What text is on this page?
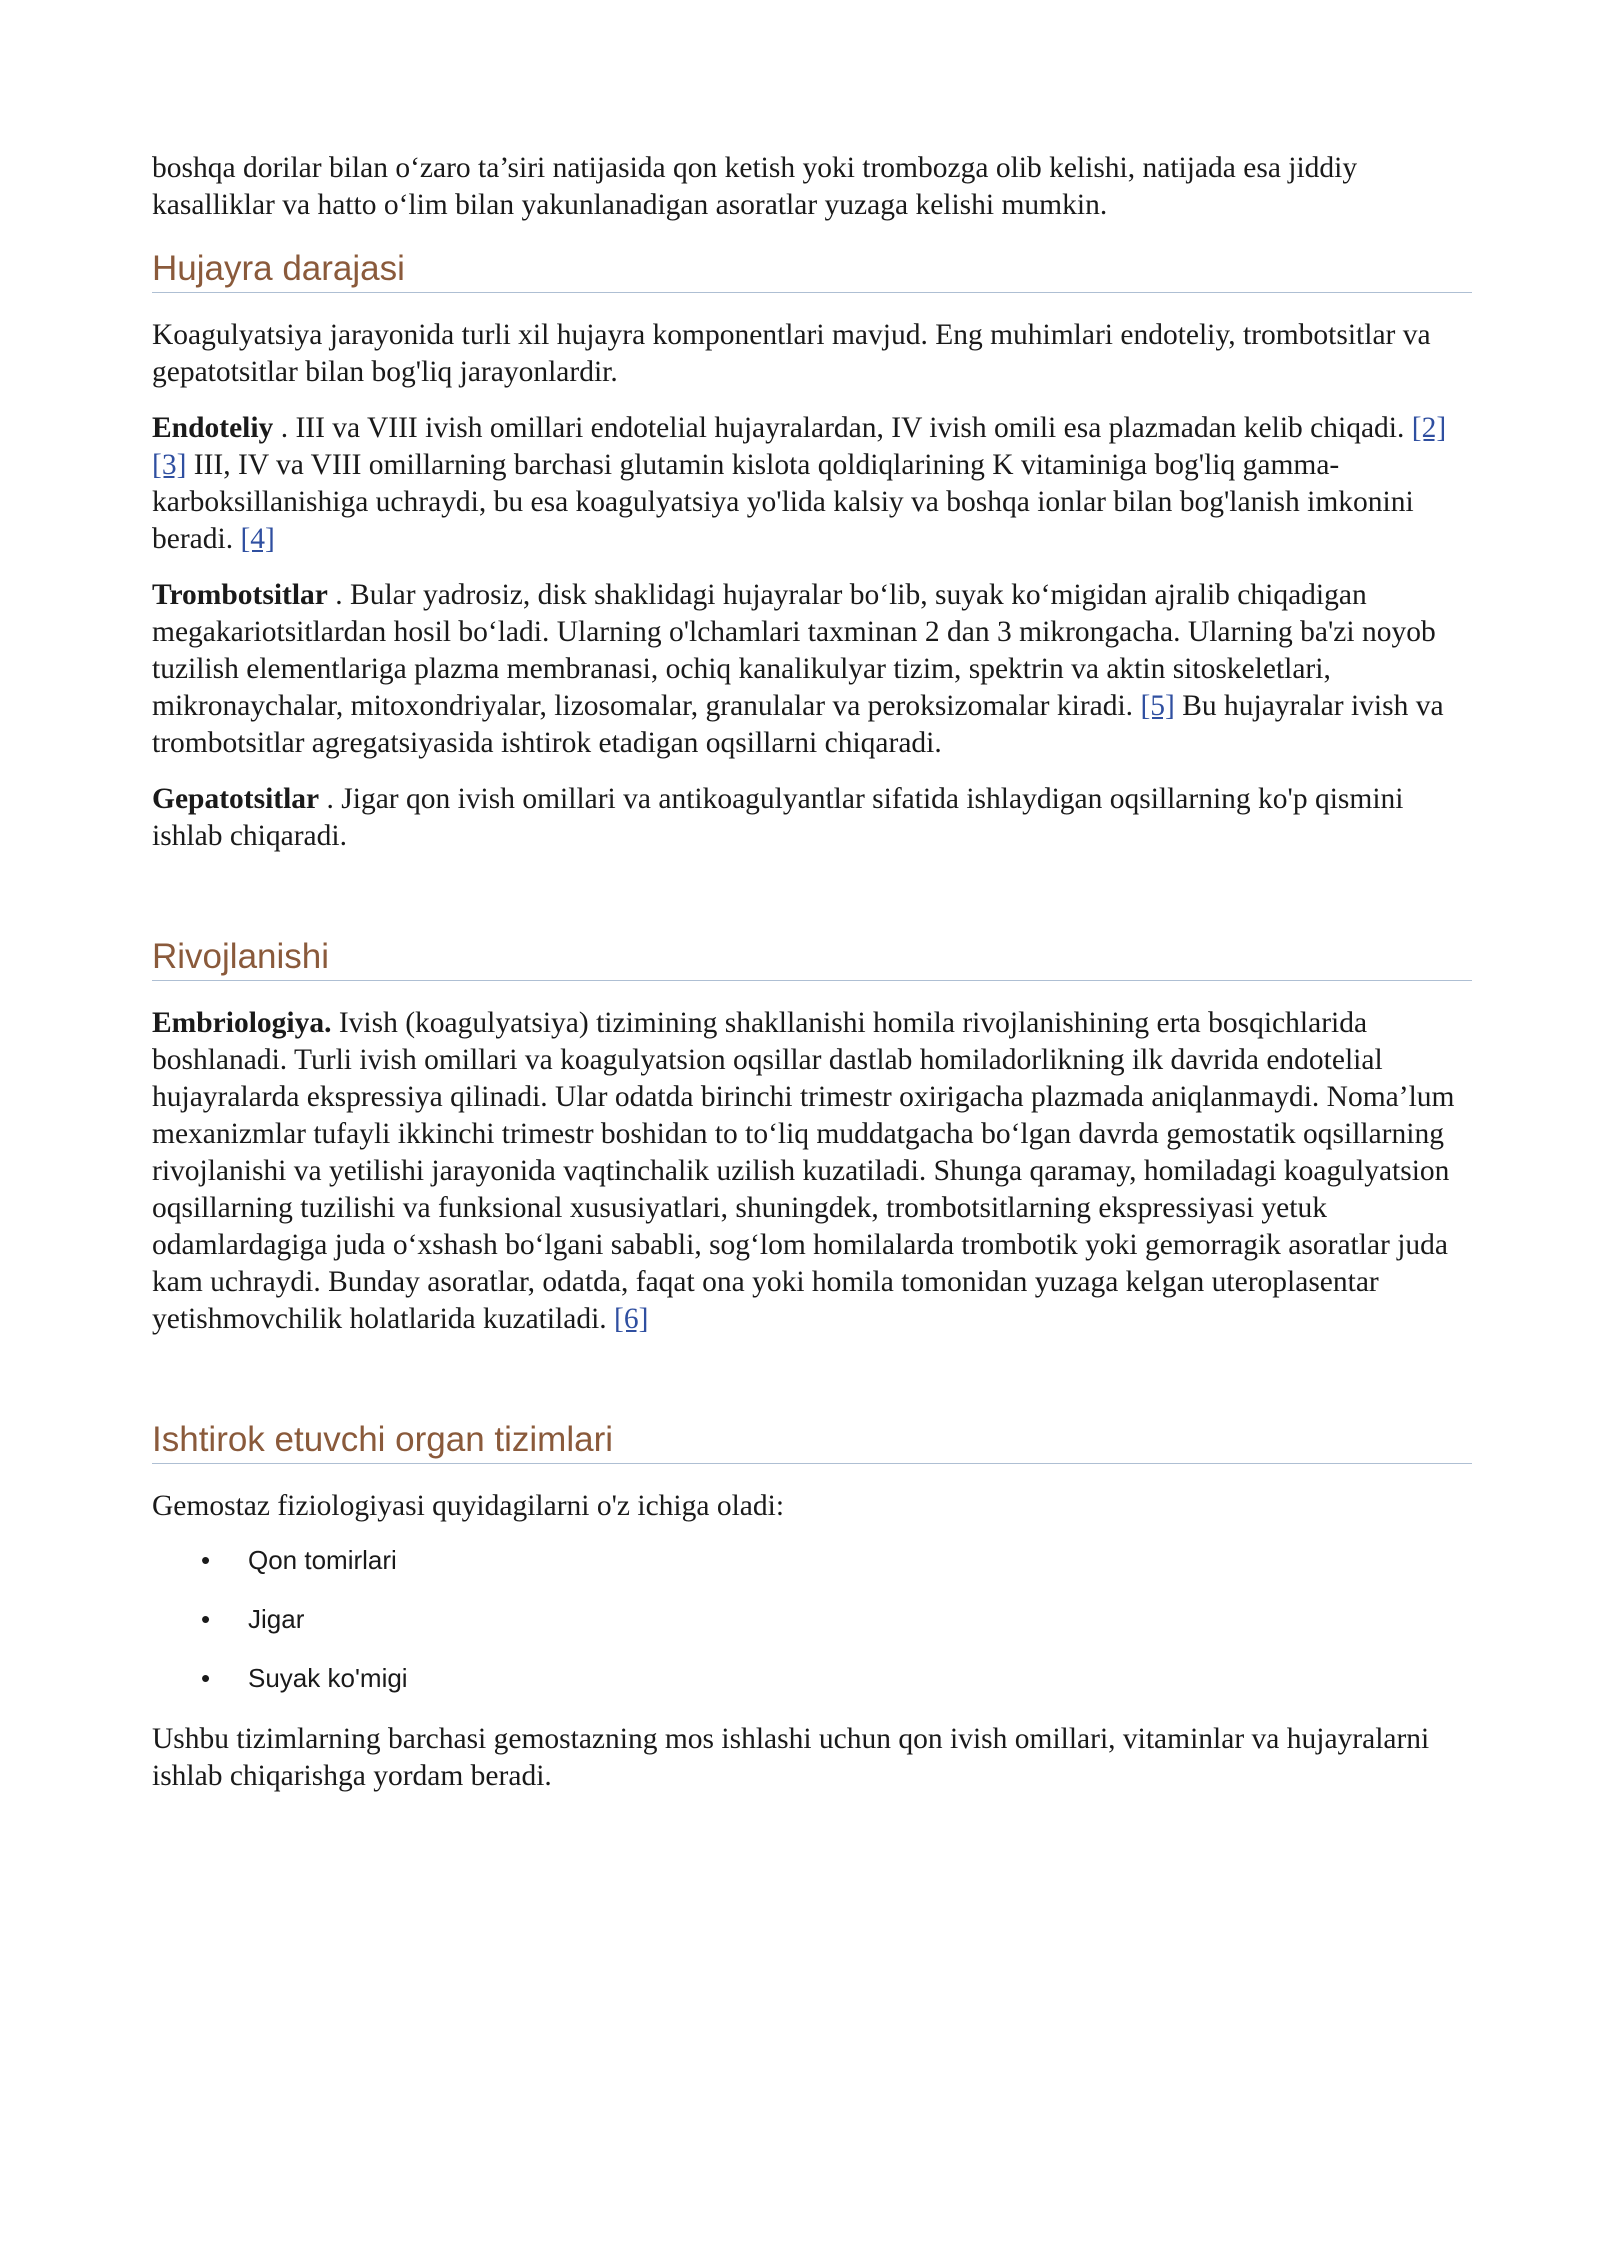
boshqa dorilar bilan o‘zaro ta’siri natijasida qon ketish yoki trombozga olib kelishi, natijada esa jiddiy kasalliklar va hatto o‘lim bilan yakunlanadigan asoratlar yuzaga kelishi mumkin.

Hujayra darajasi

Koagulyatsiya jarayonida turli xil hujayra komponentlari mavjud. Eng muhimlari endoteliy, trombotsitlar va gepatotsitlar bilan bog'liq jarayonlardir.

Endoteliy . III va VIII ivish omillari endotelial hujayralardan, IV ivish omili esa plazmadan kelib chiqadi. [2] [3] III, IV va VIII omillarning barchasi glutamin kislota qoldiqlarining K vitaminiga bog'liq gamma-karboksillanishiga uchraydi, bu esa koagulyatsiya yo'lida kalsiy va boshqa ionlar bilan bog'lanish imkonini beradi. [4]

Trombotsitlar . Bular yadrosiz, disk shaklidagi hujayralar bo‘lib, suyak ko‘migidan ajralib chiqadigan megakariotsitlardan hosil bo‘ladi. Ularning o'lchamlari taxminan 2 dan 3 mikrongacha. Ularning ba'zi noyob tuzilish elementlariga plazma membranasi, ochiq kanalikulyar tizim, spektrin va aktin sitoskeletlari, mikronaychalar, mitoxondriyalar, lizosomalar, granulalar va peroksizomalar kiradi. [5] Bu hujayralar ivish va trombotsitlar agregatsiyasida ishtirok etadigan oqsillarni chiqaradi.

Gepatotsitlar . Jigar qon ivish omillari va antikoagulyantlar sifatida ishlaydigan oqsillarning ko'p qismini ishlab chiqaradi.

Rivojlanishi

Embriologiya. Ivish (koagulyatsiya) tizimining shakllanishi homila rivojlanishining erta bosqichlarida boshlanadi. Turli ivish omillari va koagulyatsion oqsillar dastlab homiladorlikning ilk davrida endotelial hujayralarda ekspressiya qilinadi. Ular odatda birinchi trimestr oxirigacha plazmada aniqlanmaydi. Noma’lum mexanizmlar tufayli ikkinchi trimestr boshidan to to‘liq muddatgacha bo‘lgan davrda gemostatik oqsillarning rivojlanishi va yetilishi jarayonida vaqtinchalik uzilish kuzatiladi. Shunga qaramay, homiladagi koagulyatsion oqsillarning tuzilishi va funksional xususiyatlari, shuningdek, trombotsitlarning ekspressiyasi yetuk odamlardagiga juda o‘xshash bo‘lgani sababli, sog‘lom homilalarda trombotik yoki gemorragik asoratlar juda kam uchraydi. Bunday asoratlar, odatda, faqat ona yoki homila tomonidan yuzaga kelgan uteroplasentar yetishmovchilik holatlarida kuzatiladi. [6]

Ishtirok etuvchi organ tizimlari

Gemostaz fiziologiyasi quyidagilarni o'z ichiga oladi:

• Qon tomirlari
• Jigar
• Suyak ko'migi

Ushbu tizimlarning barchasi gemostazning mos ishlashi uchun qon ivish omillari, vitaminlar va hujayralarni ishlab chiqarishga yordam beradi.
